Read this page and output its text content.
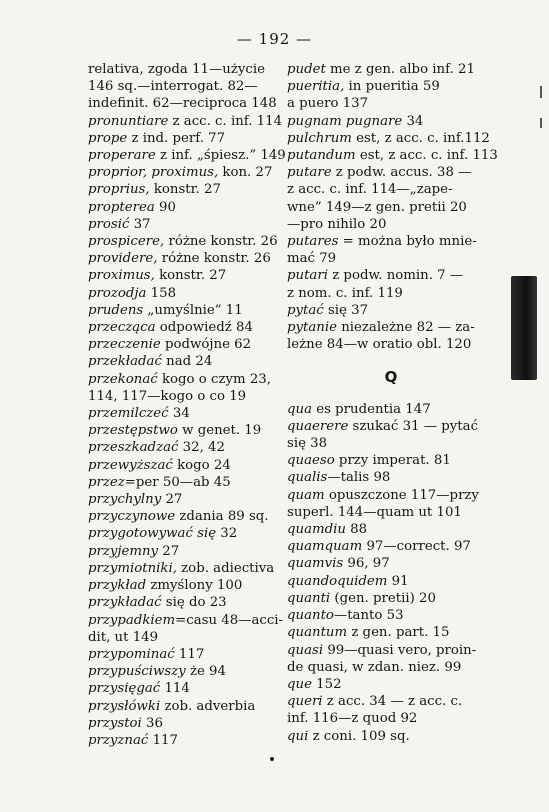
— 192 —
relativa, zgoda 11—użycie
146 sq.—interrogat. 82—
indefinit. 62—reciproca 148
pronuntiare z acc. c. inf. 114
prope z ind. perf. 77
properare z inf. „śpiesz.” 149
proprior, proximus, kon. 27
proprius, konstr. 27
propterea 90
prosić 37
prospicere, różne konstr. 26
providere, różne konstr. 26
proximus, konstr. 27
prozodja 158
prudens „umyślnie” 11
przecząca odpowiedź 84
przeczenie podwójne 62
przekładać nad 24
przekonać kogo o czym 23,
114, 117—kogo o co 19
przemilczeć 34
przestępstwo w genet. 19
przeszkadzać 32, 42
przewyższać kogo 24
przez=per 50—ab 45
przychylny 27
przyczynowe zdania 89 sq.
przygotowywać się 32
przyjemny 27
przymiotniki, zob. adiectiva
przykład zmyślony 100
przykładać się do 23
przypadkiem=casu 48—acci-
dit, ut 149
przypominać 117
przypuściwszy że 94
przysięgać 114
przysłówki zob. adverbia
przystoi 36
przyznać 117
pudet me z gen. albo inf. 21
pueritia, in pueritia 59
a puero 137
pugnam pugnare 34
pulchrum est, z acc. c. inf.112
putandum est, z acc. c. inf. 113
putare z podw. accus. 38 —
z acc. c. inf. 114—„zape-
wne” 149—z gen. pretii 20
—pro nihilo 20
putares = można było mnie-
mać 79
putari z podw. nomin. 7 —
z nom. c. inf. 119
pytać się 37
pytanie niezależne 82 — za-
leżne 84—w oratio obl. 120
Q
qua es prudentia 147
quaerere szukać 31 — pytać
się 38
quaeso przy imperat. 81
qualis—talis 98
quam opuszczone 117—przy
superl. 144—quam ut 101
quamdiu 88
quamquam 97—correct. 97
quamvis 96, 97
quandoquidem 91
quanti (gen. pretii) 20
quanto—tanto 53
quantum z gen. part. 15
quasi 99—quasi vero, proin-
de quasi, w zdan. niez. 99
que 152
queri z acc. 34 — z acc. c.
inf. 116—z quod 92
qui z coni. 109 sq.
